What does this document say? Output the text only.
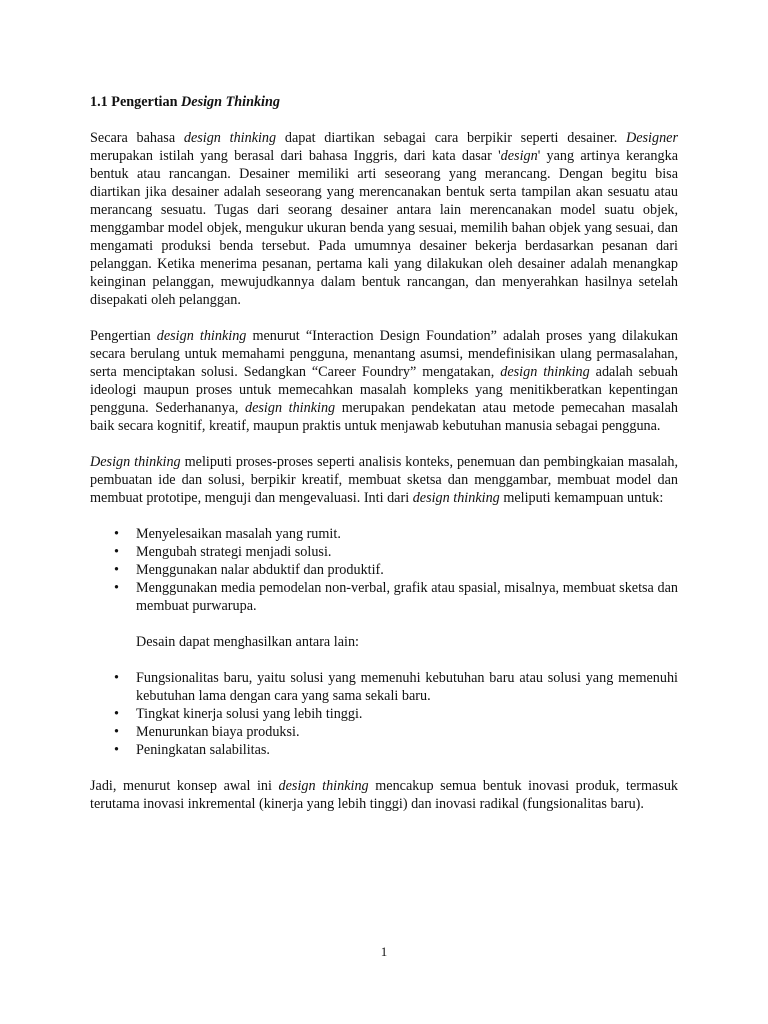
1.1 Pengertian Design Thinking

Secara bahasa design thinking dapat diartikan sebagai cara berpikir seperti desainer. Designer merupakan istilah yang berasal dari bahasa Inggris, dari kata dasar 'design' yang artinya kerangka bentuk atau rancangan. Desainer memiliki arti seseorang yang merancang. Dengan begitu bisa diartikan jika desainer adalah seseorang yang merencanakan bentuk serta tampilan akan sesuatu atau merancang sesuatu. Tugas dari seorang desainer antara lain merencanakan model suatu objek, menggambar model objek, mengukur ukuran benda yang sesuai, memilih bahan objek yang sesuai, dan mengamati produksi benda tersebut. Pada umumnya desainer bekerja berdasarkan pesanan dari pelanggan. Ketika menerima pesanan, pertama kali yang dilakukan oleh desainer adalah menangkap keinginan pelanggan, mewujudkannya dalam bentuk rancangan, dan menyerahkan hasilnya setelah disepakati oleh pelanggan.

Pengertian design thinking menurut “Interaction Design Foundation” adalah proses yang dilakukan secara berulang untuk memahami pengguna, menantang asumsi, mendefinisikan ulang permasalahan, serta menciptakan solusi. Sedangkan “Career Foundry” mengatakan, design thinking adalah sebuah ideologi maupun proses untuk memecahkan masalah kompleks yang menitikberatkan kepentingan pengguna. Sederhananya, design thinking merupakan pendekatan atau metode pemecahan masalah baik secara kognitif, kreatif, maupun praktis untuk menjawab kebutuhan manusia sebagai pengguna.

Design thinking meliputi proses-proses seperti analisis konteks, penemuan dan pembingkaian masalah, pembuatan ide dan solusi, berpikir kreatif, membuat sketsa dan menggambar, membuat model dan membuat prototipe, menguji dan mengevaluasi. Inti dari design thinking meliputi kemampuan untuk:

• Menyelesaikan masalah yang rumit.
• Mengubah strategi menjadi solusi.
• Menggunakan nalar abduktif dan produktif.
• Menggunakan media pemodelan non-verbal, grafik atau spasial, misalnya, membuat sketsa dan membuat purwarupa.

Desain dapat menghasilkan antara lain:

• Fungsionalitas baru, yaitu solusi yang memenuhi kebutuhan baru atau solusi yang memenuhi kebutuhan lama dengan cara yang sama sekali baru.
• Tingkat kinerja solusi yang lebih tinggi.
• Menurunkan biaya produksi.
• Peningkatan salabilitas.

Jadi, menurut konsep awal ini design thinking mencakup semua bentuk inovasi produk, termasuk terutama inovasi inkremental (kinerja yang lebih tinggi) dan inovasi radikal (fungsionalitas baru).

1
